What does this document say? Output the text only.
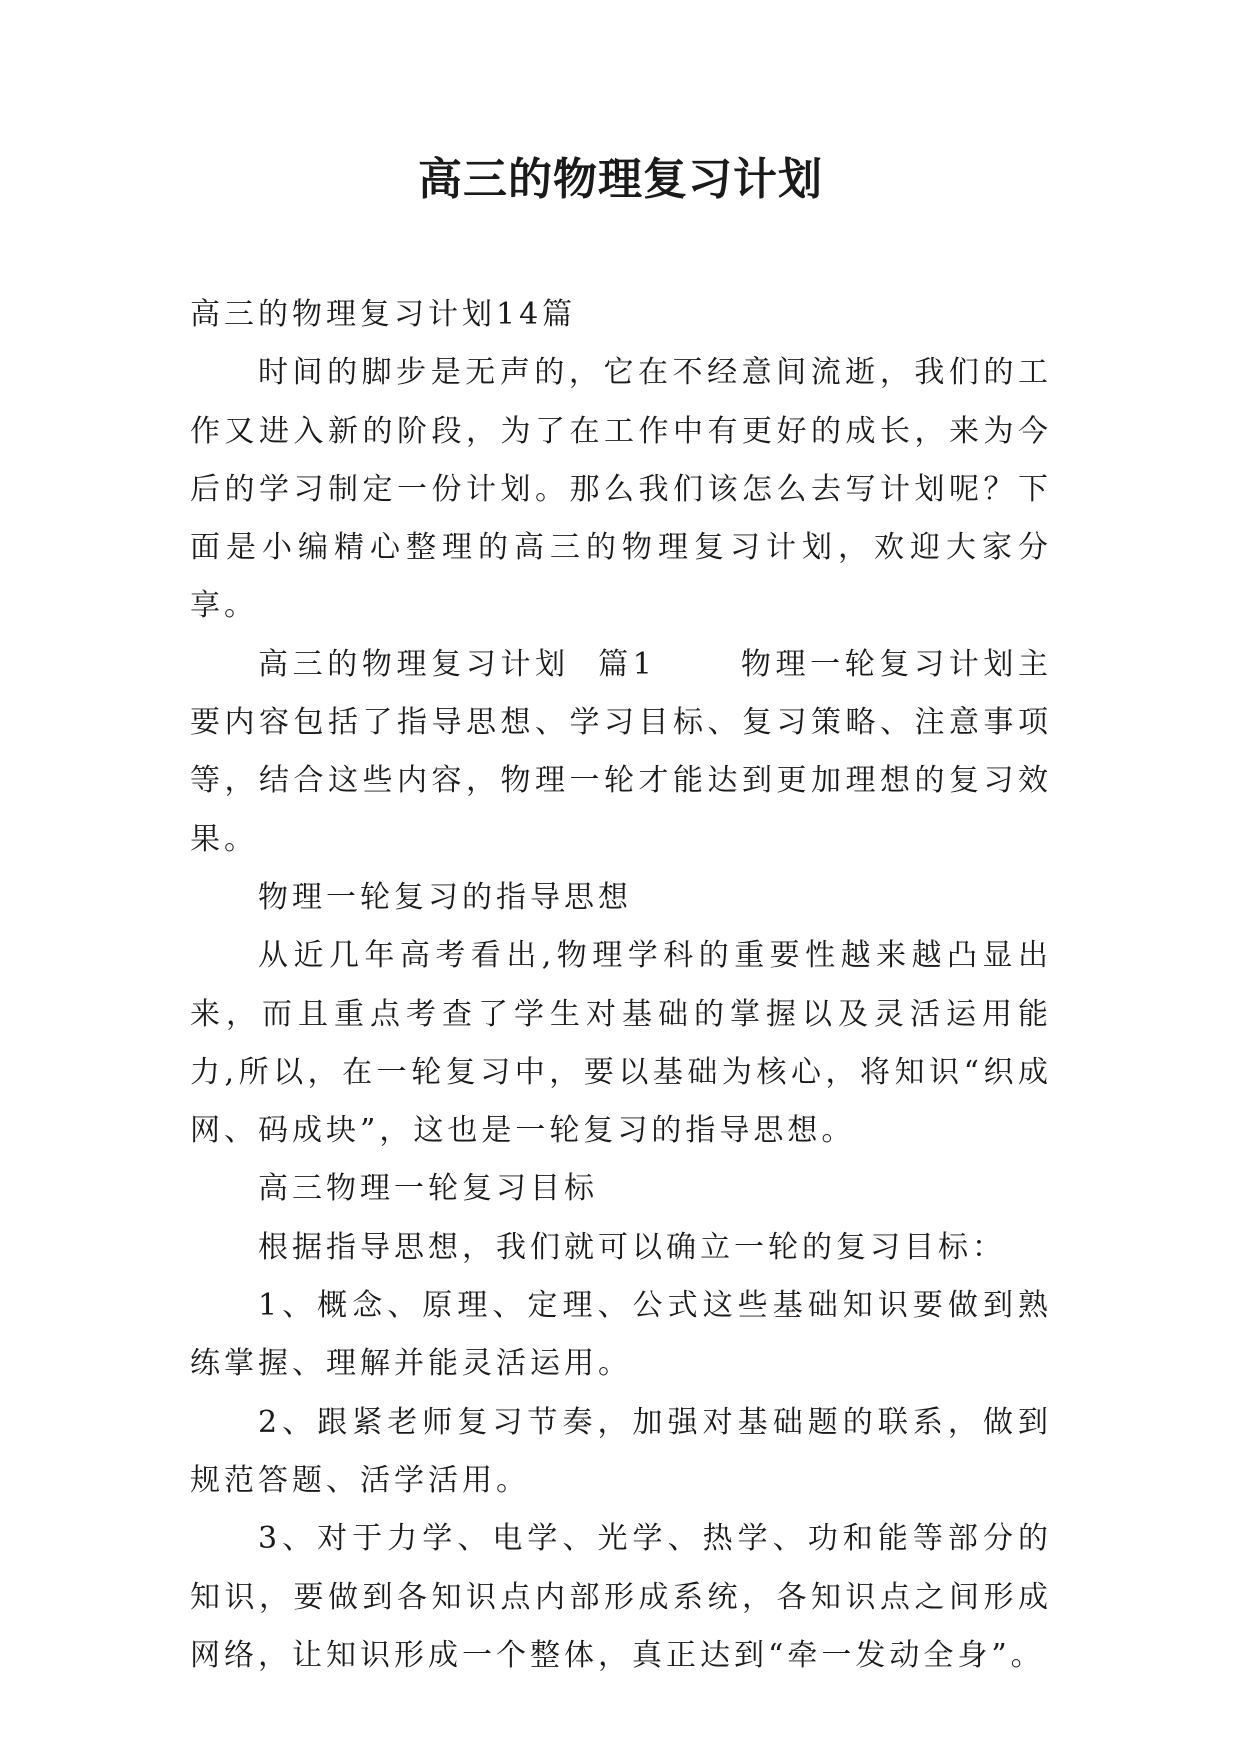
高三的物理复习计划

高三的物理复习计划14篇

时间的脚步是无声的，它在不经意间流逝，我们的工作又进入新的阶段，为了在工作中有更好的成长，来为今后的学习制定一份计划。那么我们该怎么去写计划呢？下面是小编精心整理的高三的物理复习计划，欢迎大家分享。

高三的物理复习计划  篇1      物理一轮复习计划主要内容包括了指导思想、学习目标、复习策略、注意事项等，结合这些内容，物理一轮才能达到更加理想的复习效果。

物理一轮复习的指导思想

从近几年高考看出,物理学科的重要性越来越凸显出来，而且重点考查了学生对基础的掌握以及灵活运用能力,所以，在一轮复习中，要以基础为核心，将知识“织成网、码成块”，这也是一轮复习的指导思想。

高三物理一轮复习目标

根据指导思想，我们就可以确立一轮的复习目标：

1、概念、原理、定理、公式这些基础知识要做到熟练掌握、理解并能灵活运用。

2、跟紧老师复习节奏，加强对基础题的联系，做到规范答题、活学活用。

3、对于力学、电学、光学、热学、功和能等部分的知识，要做到各知识点内部形成系统，各知识点之间形成网络，让知识形成一个整体，真正达到“牵一发动全身”。
